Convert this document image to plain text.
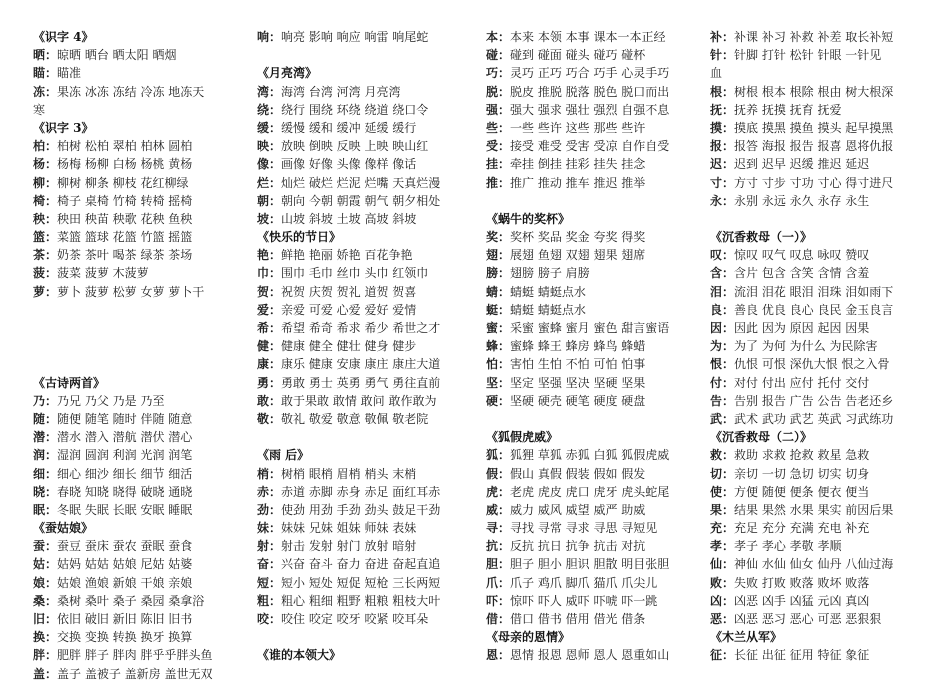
《识字 4》
晒：晾晒 晒台 晒太阳 晒烟
瞄：瞄准
冻：果冻 冰冻 冻结 冷冻 地冻天
寒
《识字 3》
柏：柏树 松柏 翠柏 柏林 圆柏
杨：杨梅 杨柳 白杨 杨桃 黄杨
柳：柳树 柳条 柳枝 花红柳绿
椅：椅子 桌椅 竹椅 转椅 摇椅
秧：秧田 秧苗 秧歌 花秧 鱼秧
篮：菜篮 篮球 花篮 竹篮 摇篮
茶：奶茶 茶叶 喝茶 绿茶 茶场
菠：菠菜 菠萝 木菠萝
萝：萝卜 菠萝 松萝 女萝 萝卜干
《古诗两首》
乃：乃兄 乃父 乃是 乃至
随：随便 随笔 随时 伴随 随意
潜：潜水 潜入 潜航 潜伏 潜心
润：湿润 圆润 利润 光润 润笔
细：细心 细沙 细长 细节 细活
晓：春晓 知晓 晓得 破晓 通晓
眠：冬眠 失眠 长眠 安眠 睡眠
《蚕姑娘》
蚕：蚕豆 蚕床 蚕农 蚕眠 蚕食
姑：姑妈 姑姑 姑娘 尼姑 姑婆
娘：姑娘 渔娘 新娘 干娘 亲娘
桑：桑树 桑叶 桑子 桑园 桑拿浴
旧：依旧 破旧 新旧 陈旧 旧书
换：交换 变换 转换 换牙 换算
胖：肥胖 胖子 胖肉 胖乎乎胖头鱼
盖：盖子 盖被子 盖新房 盖世无双
响：响亮 影响 响应 响雷 响尾蛇
《月亮湾》
湾：海湾 台湾 河湾 月亮湾
绕：绕行 围绕 环绕 绕道 绕口令
缓：缓慢 缓和 缓冲 延缓 缓行
映：放映 倒映 反映 上映 映山红
像：画像 好像 头像 像样 像话
烂：灿烂 破烂 烂泥 烂嘴 天真烂漫
朝：朝向 今朝 朝霞 朝气 朝夕相处
坡：山坡 斜坡 土坡 高坡 斜坡
《快乐的节日》
艳：鲜艳 艳丽 娇艳 百花争艳
巾：围巾 毛巾 丝巾 头巾 红领巾
贺：祝贺 庆贺 贺礼 道贺 贺喜
爱：亲爱 可爱 心爱 爱好 爱情
希：希望 希奇 希求 希少 希世之才
健：健康 健全 健壮 健身 健步
康：康乐 健康 安康 康庄 康庄大道
勇：勇敢 勇士 英勇 勇气 勇往直前
敢：敢于果敢 敢情 敢问 敢作敢为
敬：敬礼 敬爱 敬意 敬佩 敬老院
《雨 后》
梢：树梢 眼梢 眉梢 梢头 末梢
赤：赤道 赤脚 赤身 赤足 面红耳赤
劲：使劲 用劲 手劲 劲头 鼓足干劲
妹：妹妹 兄妹 姐妹 师妹 表妹
射：射击 发射 射门 放射 暗射
奋：兴奋 奋斗 奋力 奋进 奋起直追
短：短小 短处 短促 短枪 三长两短
粗：粗心 粗细 粗野 粗粮 粗枝大叶
咬：咬住 咬定 咬牙 咬紧 咬耳朵
《谁的本领大》
本：本来 本领 本事 课本一本正经
碰：碰到 碰面 碰头 碰巧 碰杯
巧：灵巧 正巧 巧合 巧手 心灵手巧
脱：脱皮 推脱 脱落 脱色 脱口而出
强：强大 强求 强壮 强烈 自强不息
些：一些 些许 这些 那些 些许
受：接受 难受 受害 受凉 自作自受
挂：牵挂 倒挂 挂彩 挂失 挂念
推：推广 推动 推车 推迟 推举
《蜗牛的奖杯》
奖：奖杯 奖品 奖金 夸奖 得奖
翅：展翅 鱼翅 双翅 翅果 翅席
膀：翅膀 膀子 肩膀
蜻：蜻蜓 蜻蜓点水
蜓：蜻蜓 蜻蜓点水
蜜：采蜜 蜜蜂 蜜月 蜜色 甜言蜜语
蜂：蜜蜂 蜂王 蜂房 蜂鸟 蜂蜡
怕：害怕 生怕 不怕 可怕 怕事
坚：坚定 坚强 坚决 坚硬 坚果
硬：坚硬 硬壳 硬笔 硬度 硬盘
《狐假虎威》
狐：狐狸 草狐 赤狐 白狐 狐假虎威
假：假山 真假 假装 假如 假发
虎：老虎 虎皮 虎口 虎牙 虎头蛇尾
威：威力 威风 威望 威严 助威
寻：寻找 寻常 寻求 寻思 寻短见
抗：反抗 抗日 抗争 抗击 对抗
胆：胆子 胆小 胆识 胆散 明目张胆
爪：爪子 鸡爪 脚爪 猫爪 爪尖儿
吓：惊吓 吓人 威吓 吓唬 吓一跳
借：借口 借书 借用 借光 借条
《母亲的恩情》
恩：恩情 报恩 恩师 恩人 恩重如山
补：补课 补习 补救 补差 取长补短
针：针脚 打针 松针 针眼 一针见
血
根：树根 根本 根除 根由 树大根深
抚：抚养 抚摸 抚育 抚爱
摸：摸底 摸黑 摸鱼 摸头 起早摸黑
报：报答 海报 报告 报喜 恩将仇报
迟：迟到 迟早 迟缓 推迟 延迟
寸：方寸 寸步 寸功 寸心 得寸进尺
永：永别 永远 永久 永存 永生
《沉香救母（一）》
叹：惊叹 叹气 叹息 咏叹 赞叹
含：含片 包含 含笑 含情 含羞
泪：流泪 泪花 眼泪 泪珠 泪如雨下
良：善良 优良 良心 良民 金玉良言
因：因此 因为 原因 起因 因果
为：为了 为何 为什么 为民除害
恨：仇恨 可恨 深仇大恨 恨之入骨
付：对付 付出 应付 托付 交付
告：告别 报告 广告 公告 告老还乡
武：武术 武功 武艺 英武 习武练功
《沉香救母（二）》
救：救助 求救 抢救 救星 急救
切：亲切 一切 急切 切实 切身
使：方便 随便 便条 便衣 便当
果：结果 果然 水果 果实 前因后果
充：充足 充分 充满 充电 补充
孝：孝子 孝心 孝敬 孝顺
仙：神仙 水仙 仙女 仙丹 八仙过海
败：失败 打败 败落 败坏 败落
凶：凶恶 凶手 凶猛 元凶 真凶
恶：凶恶 恶习 恶心 可恶 恶狠狠
《木兰从军》
征：长征 出征 征用 特征 象征
